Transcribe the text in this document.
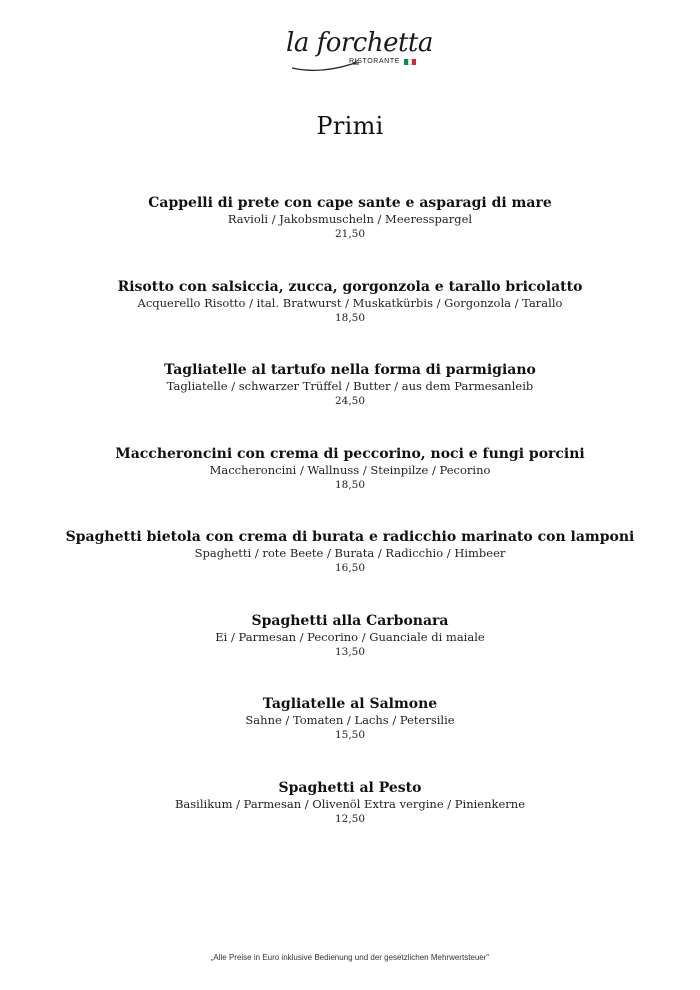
la forchetta
RISTORANTE
Primi
Cappelli di prete con cape sante e asparagi di mare
Ravioli / Jakobsmuscheln / Meeresspargel
21,50
Risotto con salsiccia, zucca, gorgonzola e tarallo bricolatto
Acquerello Risotto / ital. Bratwurst / Muskatkürbis / Gorgonzola / Tarallo
18,50
Tagliatelle al tartufo nella forma di parmigiano
Tagliatelle / schwarzer Trüffel / Butter / aus dem Parmesanleib
24,50
Maccheroncini con crema di peccorino, noci e fungi porcini
Maccheroncini / Wallnuss / Steinpilze / Pecorino
18,50
Spaghetti bietola con crema di burata e radicchio marinato con lamponi
Spaghetti / rote Beete / Burata / Radicchio / Himbeer
16,50
Spaghetti alla Carbonara
Ei / Parmesan / Pecorino / Guanciale di maiale
13,50
Tagliatelle al Salmone
Sahne / Tomaten / Lachs / Petersilie
15,50
Spaghetti al Pesto
Basilikum / Parmesan / Olivenöl Extra vergine / Pinienkerne
12,50
„Alle Preise in Euro inklusive Bedienung und der gesetzlichen Mehrwertsteuer"
